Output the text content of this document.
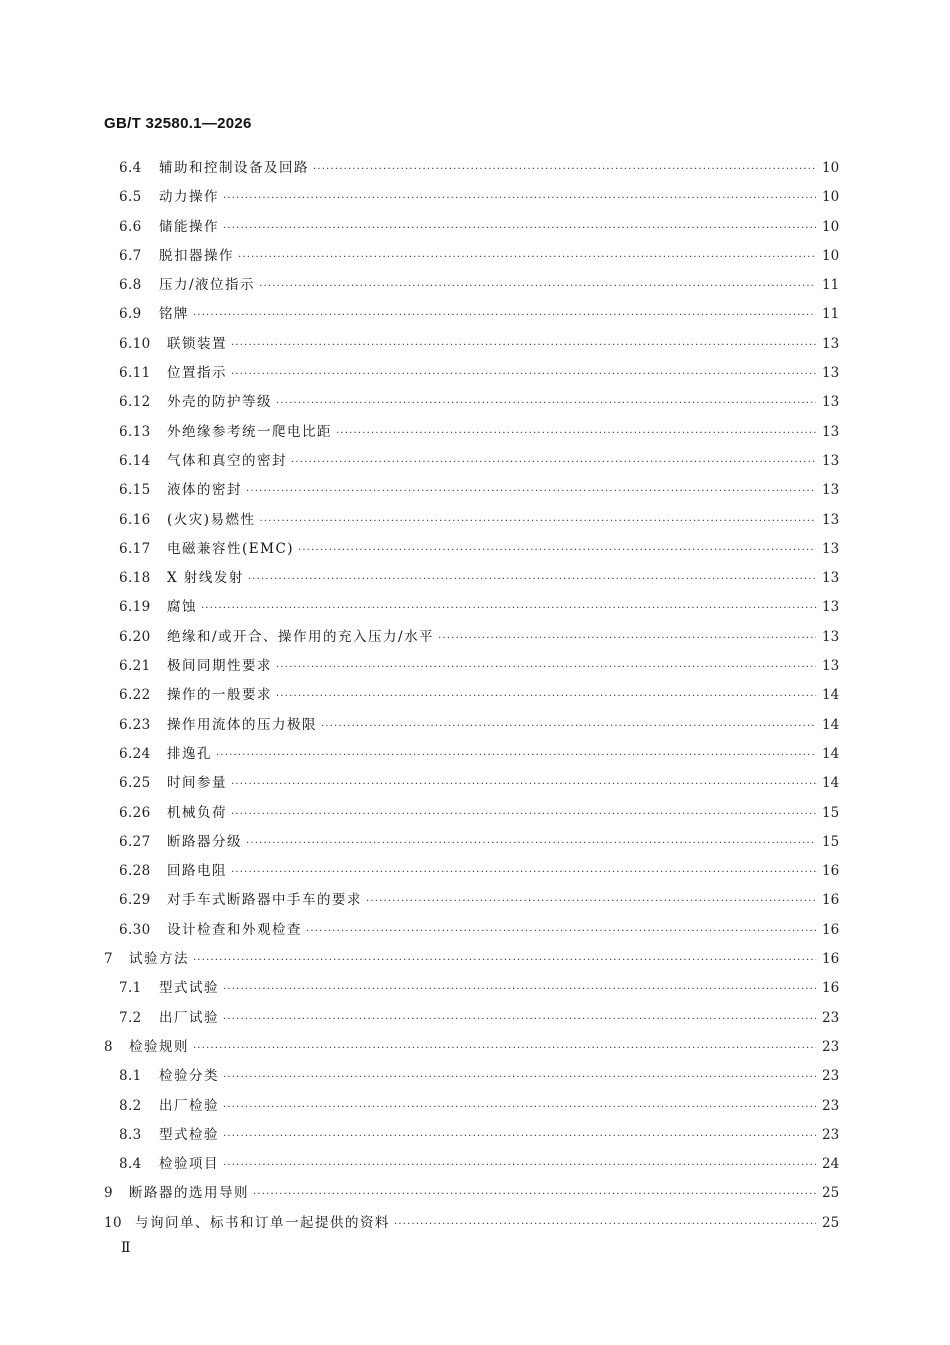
GB/T 32580.1—2026
6.4	辅助和控制设备及回路 ·····	10
6.5	动力操作 ·····	10
6.6	储能操作 ·····	10
6.7	脱扣器操作 ·····	10
6.8	压力/液位指示 ·····	11
6.9	铭牌 ·····	11
6.10	联锁装置 ·····	13
6.11	位置指示 ·····	13
6.12	外壳的防护等级 ·····	13
6.13	外绝缘参考统一爬电比距 ·····	13
6.14	气体和真空的密封 ·····	13
6.15	液体的密封 ·····	13
6.16	(火灾)易燃性 ·····	13
6.17	电磁兼容性(EMC) ·····	13
6.18	X 射线发射 ·····	13
6.19	腐蚀 ·····	13
6.20	绝缘和/或开合、操作用的充入压力/水平 ·····	13
6.21	极间同期性要求 ·····	13
6.22	操作的一般要求 ·····	14
6.23	操作用流体的压力极限 ·····	14
6.24	排逸孔 ·····	14
6.25	时间参量 ·····	14
6.26	机械负荷 ·····	15
6.27	断路器分级 ·····	15
6.28	回路电阻 ·····	16
6.29	对手车式断路器中手车的要求 ·····	16
6.30	设计检查和外观检查 ·····	16
7	试验方法 ·····	16
7.1	型式试验 ·····	16
7.2	出厂试验 ·····	23
8	检验规则 ·····	23
8.1	检验分类 ·····	23
8.2	出厂检验 ·····	23
8.3	型式检验 ·····	23
8.4	检验项目 ·····	24
9	断路器的选用导则 ·····	25
10 与询问单、标书和订单一起提供的资料 ·····	25
Ⅱ
